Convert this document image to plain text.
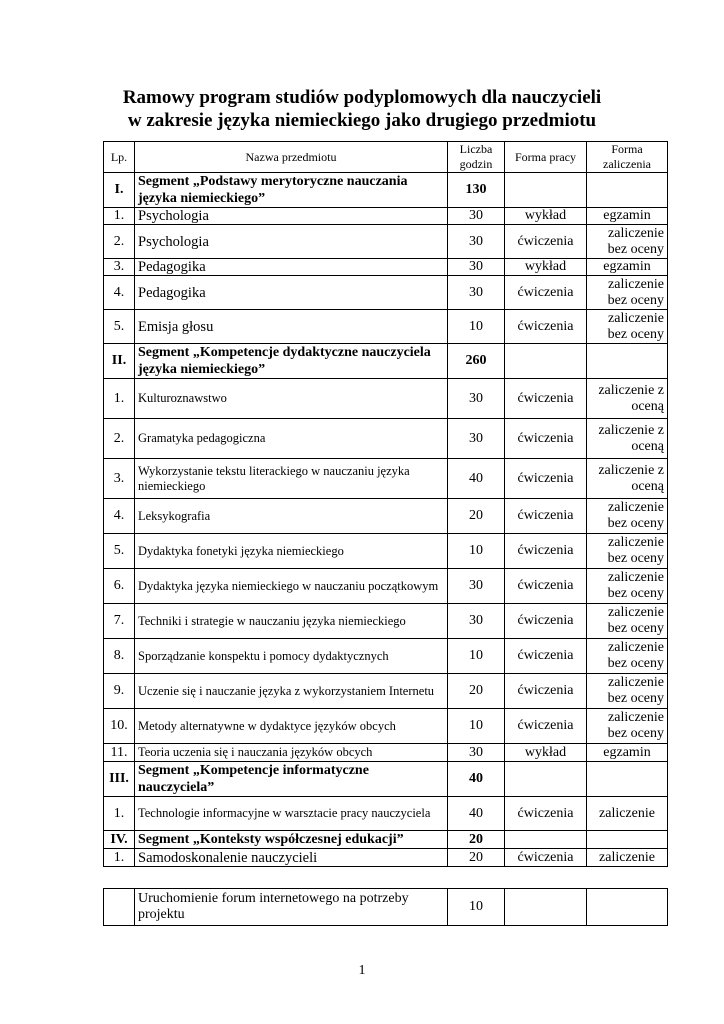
Ramowy program studiów podyplomowych dla nauczycieli
w zakresie języka niemieckiego jako drugiego przedmiotu
Lp.	Nazwa przedmiotu	Liczba godzin	Forma pracy	Forma zaliczenia
I.	Segment „Podstawy merytoryczne nauczania języka niemieckiego”	130		
1.	Psychologia	30	wykład	egzamin
2.	Psychologia	30	ćwiczenia	zaliczenie bez oceny
3.	Pedagogika	30	wykład	egzamin
4.	Pedagogika	30	ćwiczenia	zaliczenie bez oceny
5.	Emisja głosu	10	ćwiczenia	zaliczenie bez oceny
II.	Segment „Kompetencje dydaktyczne nauczyciela języka niemieckiego”	260		
1.	Kulturoznawstwo	30	ćwiczenia	zaliczenie z oceną
2.	Gramatyka pedagogiczna	30	ćwiczenia	zaliczenie z oceną
3.	Wykorzystanie tekstu literackiego w nauczaniu języka niemieckiego	40	ćwiczenia	zaliczenie z oceną
4.	Leksykografia	20	ćwiczenia	zaliczenie bez oceny
5.	Dydaktyka fonetyki języka niemieckiego	10	ćwiczenia	zaliczenie bez oceny
6.	Dydaktyka języka niemieckiego w nauczaniu początkowym	30	ćwiczenia	zaliczenie bez oceny
7.	Techniki i strategie w nauczaniu języka niemieckiego	30	ćwiczenia	zaliczenie bez oceny
8.	Sporządzanie konspektu i pomocy dydaktycznych	10	ćwiczenia	zaliczenie bez oceny
9.	Uczenie się i nauczanie języka z wykorzystaniem Internetu	20	ćwiczenia	zaliczenie bez oceny
10.	Metody alternatywne w dydaktyce języków obcych	10	ćwiczenia	zaliczenie bez oceny
11.	Teoria uczenia się i nauczania języków obcych	30	wykład	egzamin
III.	Segment „Kompetencje informatyczne nauczyciela”	40		
1.	Technologie informacyjne w warsztacie pracy nauczyciela	40	ćwiczenia	zaliczenie
IV.	Segment „Konteksty współczesnej edukacji”	20		
1.	Samodoskonalenie nauczycieli	20	ćwiczenia	zaliczenie
	Uruchomienie forum internetowego na potrzeby projektu	10		
1
